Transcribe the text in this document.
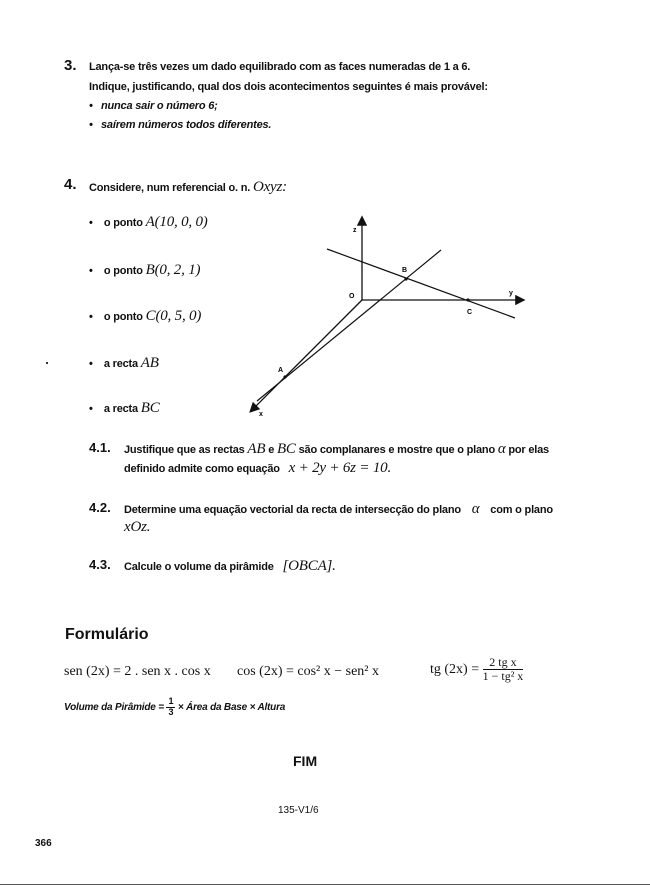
3. Lança-se três vezes um dado equilibrado com as faces numeradas de 1 a 6.
Indique, justificando, qual dos dois acontecimentos seguintes é mais provável:
• nunca sair o número 6;
• saírem números todos diferentes.
4. Considere, num referencial o. n. Oxyz:
• o ponto A(10, 0, 0)
• o ponto B(0, 2, 1)
• o ponto C(0, 5, 0)
• a recta AB
• a recta BC
z
y
x
O
A
B
C
4.1. Justifique que as rectas AB e BC são complanares e mostre que o plano α por elas
definido admite como equação x + 2y + 6z = 10.
4.2. Determine uma equação vectorial da recta de intersecção do plano α com o plano
xOz.
4.3. Calcule o volume da pirâmide [OBCA].
Formulário
sen (2x) = 2 . sen x . cos x cos (2x) = cos² x − sen² x	tg $(2x) = \frac{\text{2 tg x}}{\text{1 − tg² x}}$
Volume da Pirâmide = $\frac{1}{3}$ × Área da Base × Altura
FIM
135-V1/6
366
